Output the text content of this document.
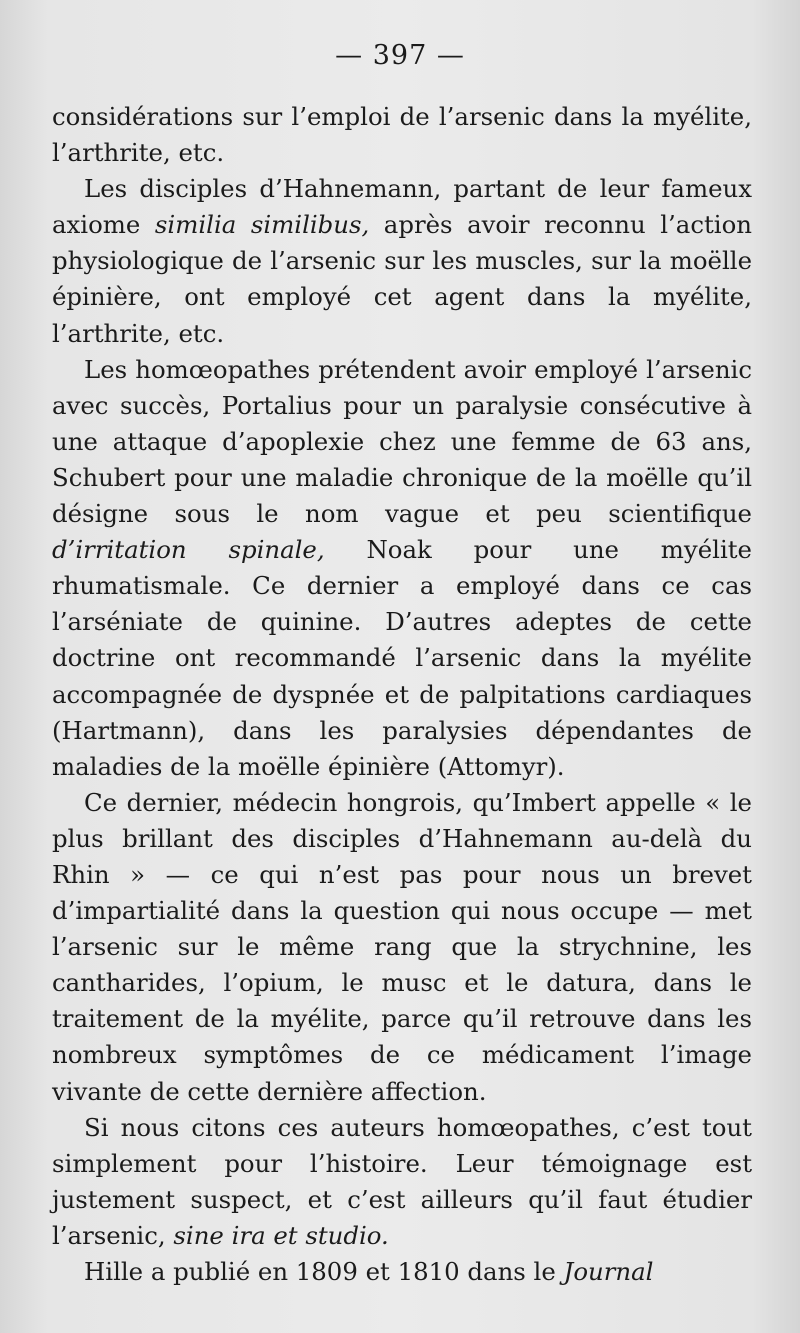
— 397 —

considérations sur l’emploi de l’arsenic dans la myélite, l’arthrite, etc.

Les disciples d’Hahnemann, partant de leur fameux axiome similia similibus, après avoir reconnu l’action physiologique de l’arsenic sur les muscles, sur la moëlle épinière, ont employé cet agent dans la myélite, l’arthrite, etc.

Les homœopathes prétendent avoir employé l’arsenic avec succès, Portalius pour un paralysie consécutive à une attaque d’apoplexie chez une femme de 63 ans, Schubert pour une maladie chronique de la moëlle qu’il désigne sous le nom vague et peu scientifique d’irritation spinale, Noak pour une myélite rhumatismale. Ce dernier a employé dans ce cas l’arséniate de quinine. D’autres adeptes de cette doctrine ont recommandé l’arsenic dans la myélite accompagnée de dyspnée et de palpitations cardiaques (Hartmann), dans les paralysies dépendantes de maladies de la moëlle épinière (Attomyr).

Ce dernier, médecin hongrois, qu’Imbert appelle « le plus brillant des disciples d’Hahnemann au-delà du Rhin » — ce qui n’est pas pour nous un brevet d’impartialité dans la question qui nous occupe — met l’arsenic sur le même rang que la strychnine, les cantharides, l’opium, le musc et le datura, dans le traitement de la myélite, parce qu’il retrouve dans les nombreux symptômes de ce médicament l’image vivante de cette dernière affection.

Si nous citons ces auteurs homœopathes, c’est tout simplement pour l’histoire. Leur témoignage est justement suspect, et c’est ailleurs qu’il faut étudier l’arsenic, sine ira et studio.

Hille a publié en 1809 et 1810 dans le Journal
